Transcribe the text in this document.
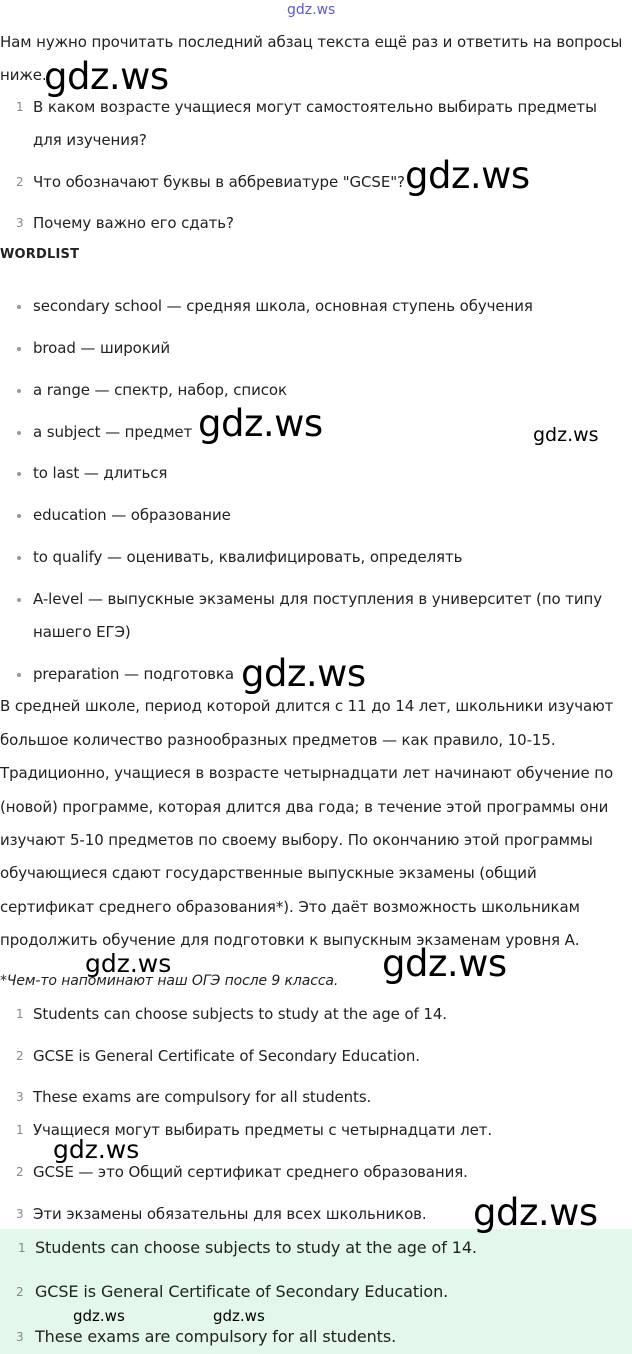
gdz.ws
Нам нужно прочитать последний абзац текста ещё раз и ответить на вопросы
ниже.
1 В каком возрасте учащиеся могут самостоятельно выбирать предметы
для изучения?
2 Что обозначают буквы в аббревиатуре "GCSE"?
3 Почему важно его сдать?
WORDLIST
secondary school — средняя школа, основная ступень обучения
broad — широкий
a range — спектр, набор, список
a subject — предмет
to last — длиться
education — образование
to qualify — оценивать, квалифицировать, определять
A-level — выпускные экзамены для поступления в университет (по типу
нашего ЕГЭ)
preparation — подготовка
В средней школе, период которой длится с 11 до 14 лет, школьники изучают
большое количество разнообразных предметов — как правило, 10-15.
Традиционно, учащиеся в возрасте четырнадцати лет начинают обучение по
(новой) программе, которая длится два года; в течение этой программы они
изучают 5-10 предметов по своему выбору. По окончанию этой программы
обучающиеся сдают государственные выпускные экзамены (общий
сертификат среднего образования*). Это даёт возможность школьникам
продолжить обучение для подготовки к выпускным экзаменам уровня А.
*Чем-то напоминают наш ОГЭ после 9 класса.
1 Students can choose subjects to study at the age of 14.
2 GCSE is General Certificate of Secondary Education.
3 These exams are compulsory for all students.
1 Учащиеся могут выбирать предметы с четырнадцати лет.
2 GCSE — это Общий сертификат среднего образования.
3 Эти экзамены обязательны для всех школьников.
1 Students can choose subjects to study at the age of 14.
2 GCSE is General Certificate of Secondary Education.
3 These exams are compulsory for all students.
gdz.ws
gdz.ws
gdz.ws	gdz.ws
gdz.ws
gdz.ws	gdz.ws
gdz.ws
gdz.ws
gdz.ws	gdz.ws
